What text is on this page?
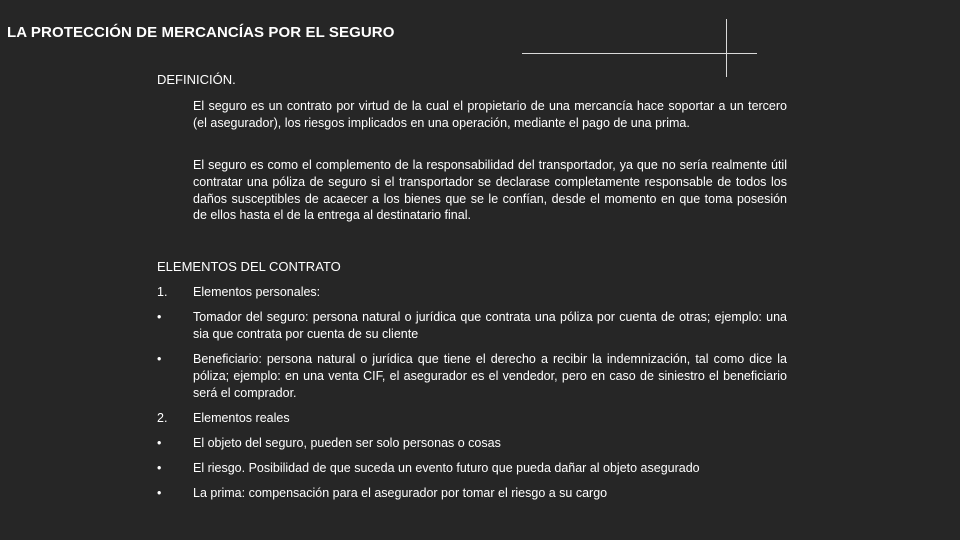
LA PROTECCIÓN DE MERCANCÍAS POR EL SEGURO
DEFINICIÓN.
El seguro es un contrato por virtud de la cual el propietario de una mercancía hace soportar a un tercero (el asegurador), los riesgos implicados en una operación, mediante el pago de una prima.
El seguro es como el complemento de la responsabilidad del transportador, ya que no sería realmente útil contratar una póliza de seguro si el transportador se declarase completamente responsable de todos los daños susceptibles de acaecer a los bienes que se le confían, desde el momento en que toma posesión de ellos hasta el de la entrega al destinatario final.
ELEMENTOS DEL CONTRATO
1. Elementos personales:
•	Tomador del seguro: persona natural o jurídica que contrata una póliza por cuenta de otras; ejemplo: una sia que contrata por cuenta de su cliente
•	Beneficiario: persona natural o jurídica que tiene el derecho a recibir la indemnización, tal como dice la póliza; ejemplo: en una venta CIF, el asegurador es el vendedor, pero en caso de siniestro el beneficiario será el comprador.
2. Elementos reales
•	El objeto del seguro, pueden ser solo personas o cosas
•	El riesgo. Posibilidad de que suceda un evento futuro que pueda dañar al objeto asegurado
•	La prima: compensación para el asegurador por tomar el riesgo a su cargo
